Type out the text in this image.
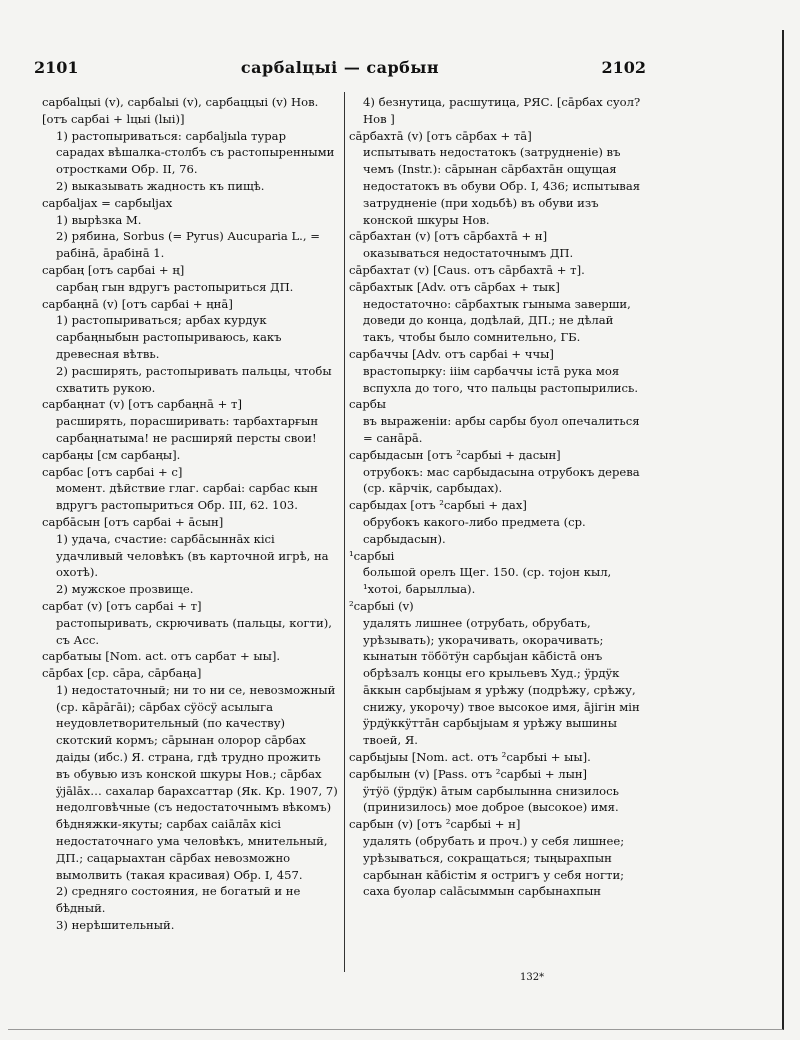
2101	сарбаlцыi — сарбын	2102

сарбаlцыi (v), сарбаlыi (v), сарбаццыi (v) Нов. [отъ сарбаi + lцыi (lыi)]

1) растопыриваться: сарбаljыlа турар сарадах вѣшалка-столбъ съ растопыренными отростками Обр. II, 76.

2) выказывать жадность къ пищѣ.

сарбаljах = сарбыljах

1) вырѣзка М.

2) рябина, Sorbus (= Pyrus) Aucuparia L., = рабiнā, āрабiнā 1.

сарбаң [отъ сарбаi + ң]

сарбаң гын вдругъ растопыриться ДП.

сарбаңнā (v) [отъ сарбаi + ңнā]

1) растопыриваться; арбах курдук сарбаңныбын растопыриваюсь, какъ древесная вѣтвь.

2) расширять, растопыривать пальцы, чтобы схватить рукою.

сарбаңнат (v) [отъ сарбаңнā + т]

расширять, порасширивать: тарбахтарғын сарбаңнатыма! не расширяй персты свои!

сарбаңы [см сарбаңы].

сарбас [отъ сарбаi + с]

момент. дѣйствие глаг. сарбаi: сарбас кын вдругъ растопыриться Обр. III, 62. 103.

сарбāсын [отъ сарбаi + āсын]

1) удача, счастие: сарбāсыннāх кiсi удачливый человѣкъ (въ карточной игрѣ, на охотѣ).

2) мужское прозвище.

сарбат (v) [отъ сарбаi + т]

растопыривать, скрючивать (пальцы, когти), съ Асс.

сарбатыы [Nom. act. отъ сарбат + ыы].

сāрбах [ср. сāра, сāрбаңа]

1) недостаточный; ни то ни се, невозможный (ср. кāрāгāi); сāрбах сÿöсÿ асылыга неудовлетворительный (по качеству) скотский кормъ; сāрынан олорор сāрбах даiды (ибс.) Я. страна, гдѣ трудно прожить въ обувью изъ конской шкуры Нов.; сāрбах ÿjālāх… сахалар барахсаттар (Як. Кр. 1907, 7) недолговѣчные (съ недостаточнымъ вѣкомъ) бѣдняжки-якуты; сарбах саiāлāх кiсi недостаточнаго ума человѣкъ, мнительный, ДП.; сацарыахтан сāрбах невозможно вымолвить (такая красивая) Обр. I, 457.

2) средняго состояния, не богатый и не бѣдный.

3) нерѣшительный.

4) безнутица, расшутица, РЯС. [сāрбах суол? Нов ]

сāрбахтā (v) [отъ сāрбах + тā]

испытывать недостатокъ (затрудненіе) въ чемъ (Instr.): сāрынан сāрбахтāн ощущая недостатокъ въ обуви Обр. I, 436; испытывая затрудненіе (при ходьбѣ) въ обуви изъ конской шкуры Нов.

сāрбахтан (v) [отъ сāрбахтā + н]

оказываться недостаточнымъ ДП.

сāрбахтат (v) [Caus. отъ сāрбахтā + т].

сāрбахтык [Adv. отъ сāрбах + тык]

недостаточно: сāрбахтык гыныма заверши, доведи до конца, додѣлай, ДП.; не дѣлай такъ, чтобы было сомнительно, ГБ.

сарбаччы [Adv. отъ сарбаi + ччы]

врастопырку: iiiм сарбаччы iстā рука моя вспухла до того, что пальцы растопырились.

сарбы

въ выраженiи: арбы сарбы буол опечалиться = санāрā.

сарбыдасын [отъ ²сарбыi + дасын]

отрубокъ: мас сарбыдасына отрубокъ дерева (ср. кāрчiк, сарбыдах).

сарбыдах [отъ ²сарбыi + дах]

обрубокъ какого-либо предмета (ср. сарбыдасын).

¹сарбыi

большой орелъ Щег. 150. (ср. тојон кыл, ¹хотоi, барыллыа).

²сарбыi (v)

удалять лишнее (отрубать, обрубать, урѣзывать); укорачивать, окорачивать; кынатын тöбöтÿн сарбыjан кāбiстā онъ обрѣзалъ концы его крыльевъ Худ.; ÿрдÿк āккын сарбыjыам я урѣжу (подрѣжу, срѣжу, снижу, укорочу) твое высокое имя, ājiгiн мiн ÿрдÿккÿттāн сарбыjыам я урѣжу вышины твоей, Я.

сарбыjыы [Nom. act. отъ ²сарбыi + ыы].

сарбылын (v) [Pass. отъ ²сарбыi + лын]

ÿтÿö (ÿрдÿк) āтым сарбылынна снизилось (принизилось) мое доброе (высокое) имя.

сарбын (v) [отъ ²сарбыi + н]

удалять (обрубать и проч.) у себя лишнее; урѣзываться, сокращаться; тыңырахпын сарбынан кāбiстiм я остригъ у себя ногти; саха буолар саlāсыммын сарбынахпын

132*
